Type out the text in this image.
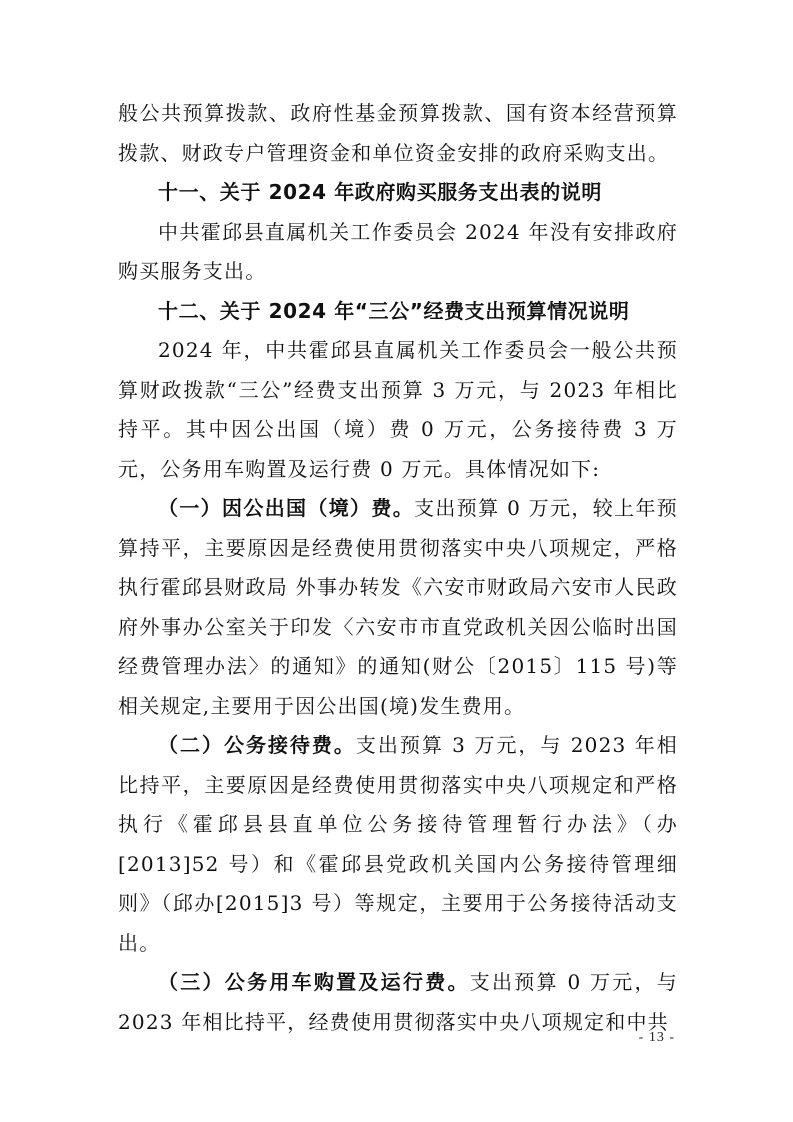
般公共预算拨款、政府性基金预算拨款、国有资本经营预算拨款、财政专户管理资金和单位资金安排的政府采购支出。

十一、关于 2024 年政府购买服务支出表的说明

中共霍邱县直属机关工作委员会 2024 年没有安排政府购买服务支出。

十二、关于 2024 年“三公”经费支出预算情况说明

2024 年，中共霍邱县直属机关工作委员会一般公共预算财政拨款“三公”经费支出预算 3 万元，与 2023 年相比持平。其中因公出国（境）费 0 万元，公务接待费 3 万元，公务用车购置及运行费 0 万元。具体情况如下:

（一）因公出国（境）费。支出预算 0 万元，较上年预算持平，主要原因是经费使用贯彻落实中央八项规定，严格执行霍邱县财政局 外事办转发《六安市财政局六安市人民政府外事办公室关于印发〈六安市市直党政机关因公临时出国经费管理办法〉的通知》的通知(财公〔2015〕115 号)等相关规定,主要用于因公出国(境)发生费用。

（二）公务接待费。支出预算 3 万元，与 2023 年相比持平，主要原因是经费使用贯彻落实中央八项规定和严格执行《霍邱县县直单位公务接待管理暂行办法》（办[2013]52 号）和《霍邱县党政机关国内公务接待管理细则》（邱办[2015]3 号）等规定，主要用于公务接待活动支出。

（三）公务用车购置及运行费。支出预算 0 万元，与 2023 年相比持平，经费使用贯彻落实中央八项规定和中共

- 13 -
